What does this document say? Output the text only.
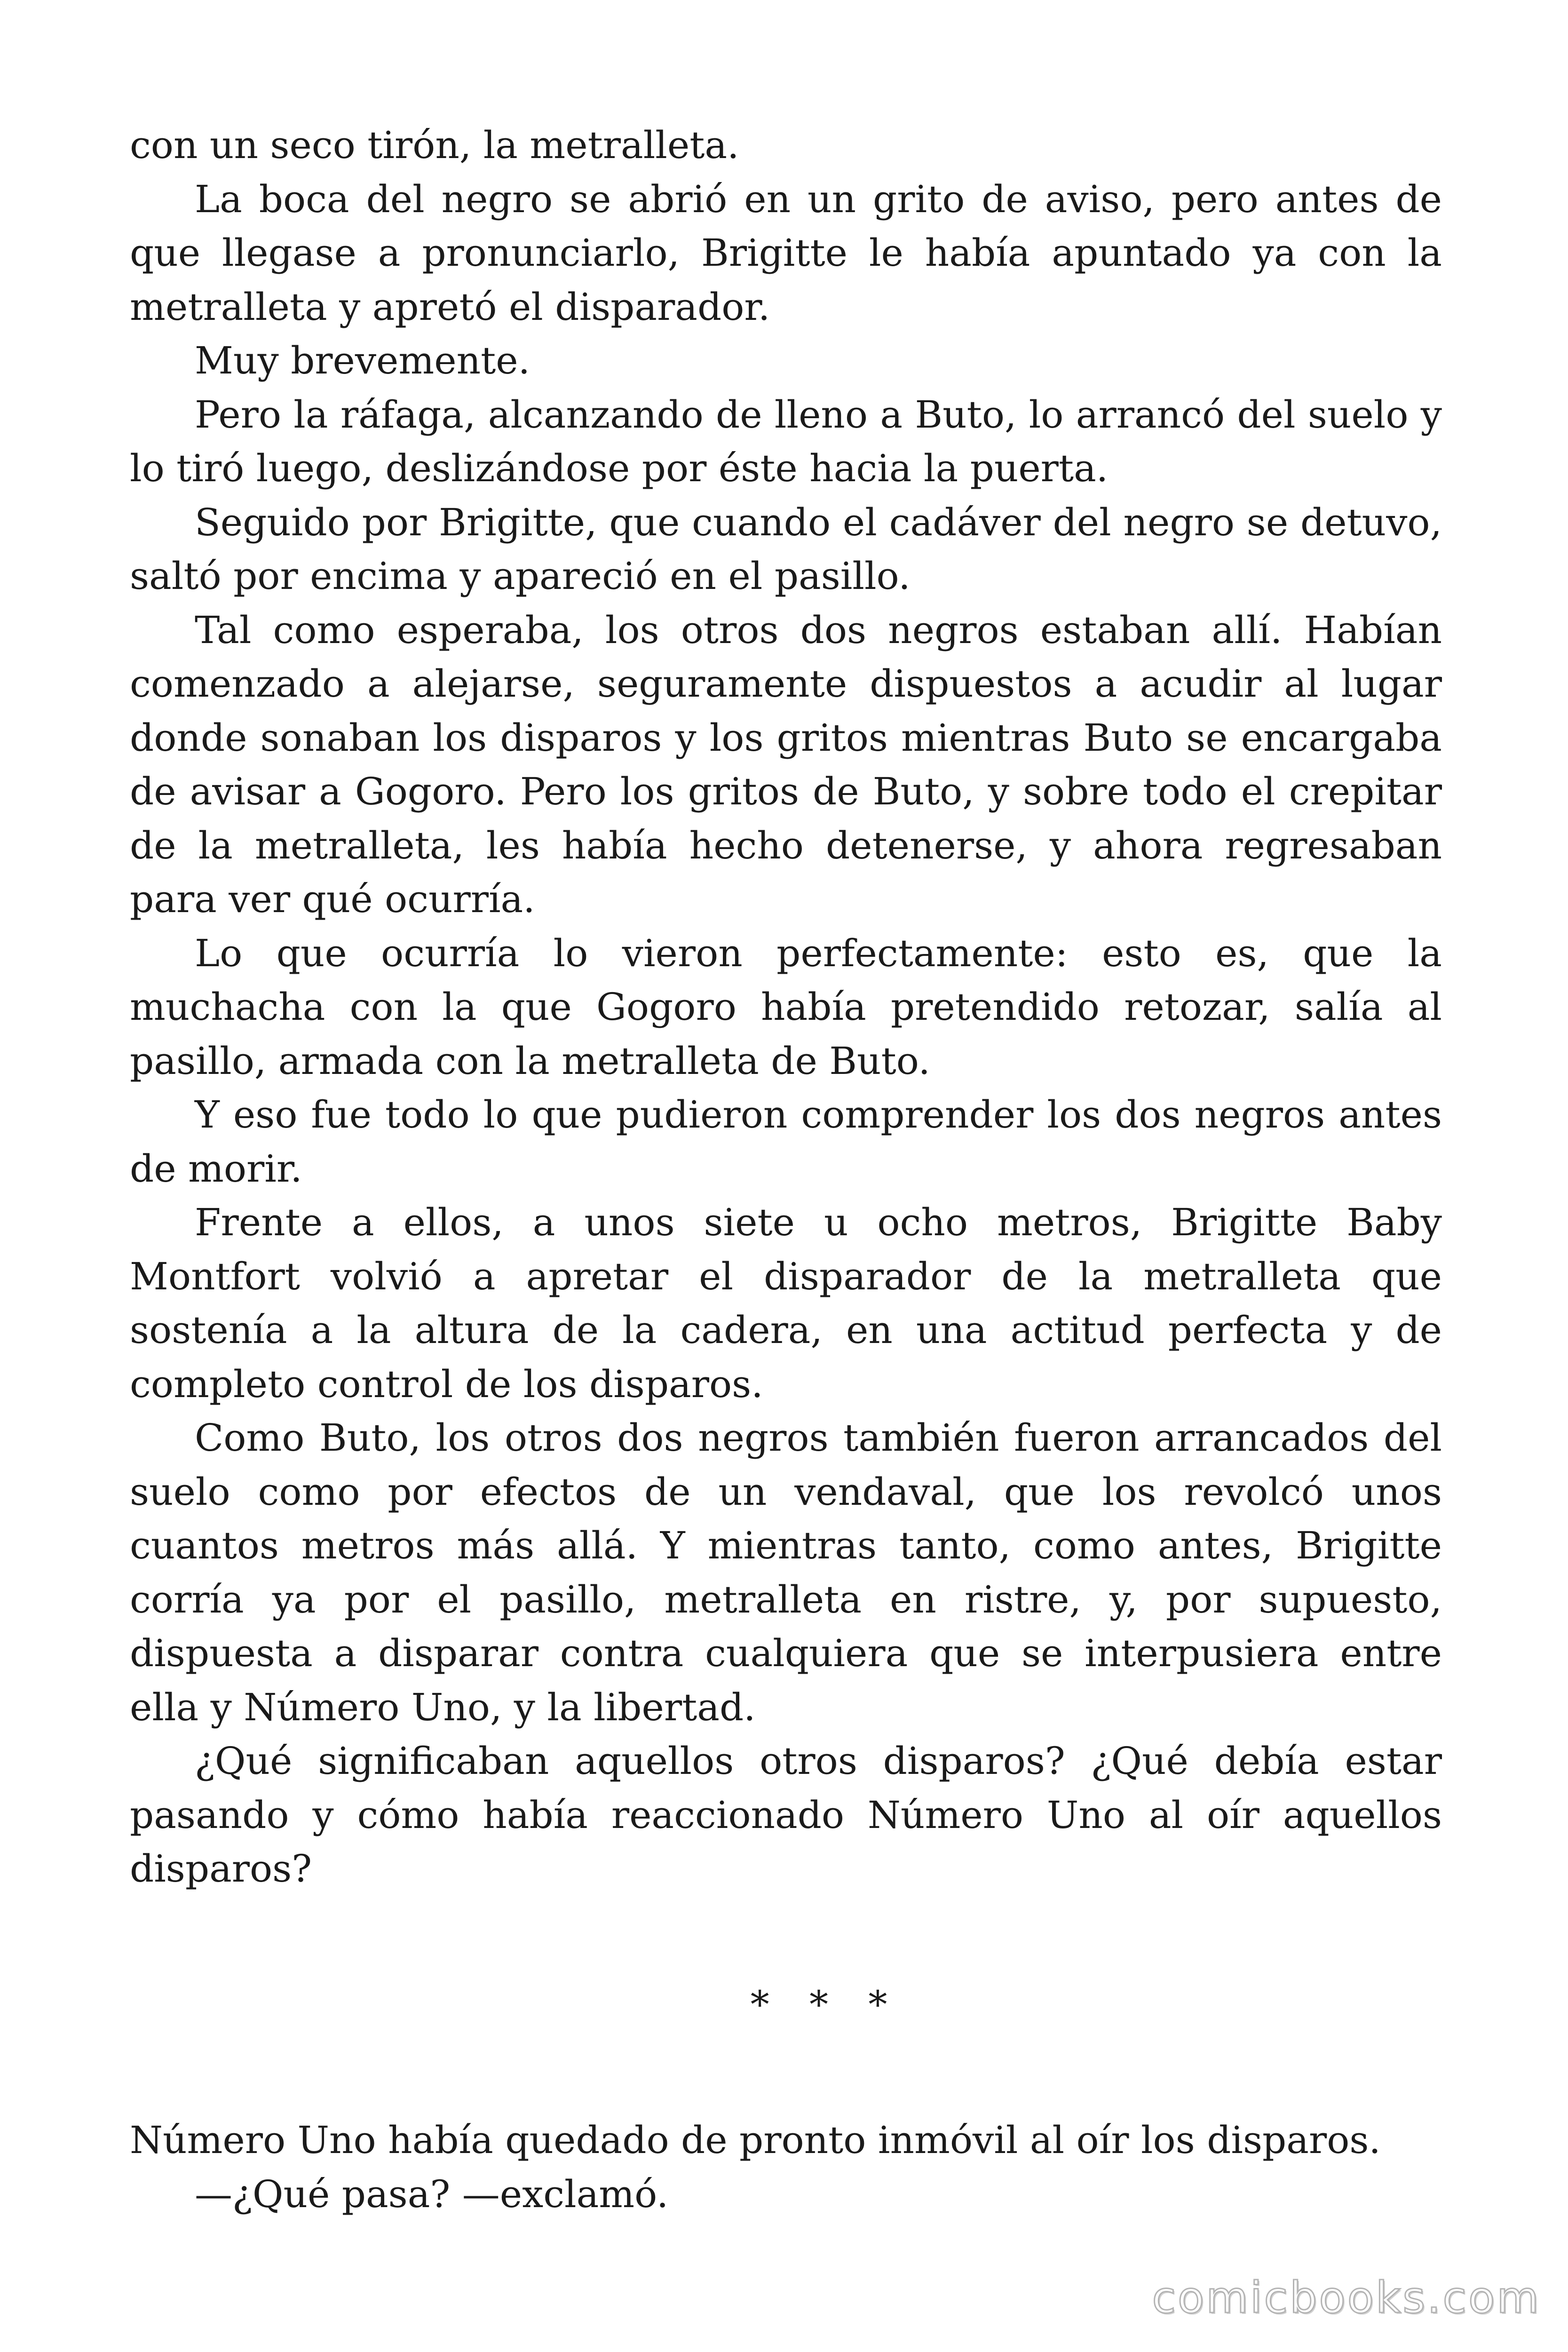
con un seco tirón, la metralleta.

La boca del negro se abrió en un grito de aviso, pero antes de que llegase a pronunciarlo, Brigitte le había apuntado ya con la metralleta y apretó el disparador.

Muy brevemente.

Pero la ráfaga, alcanzando de lleno a Buto, lo arrancó del suelo y lo tiró luego, deslizándose por éste hacia la puerta.

Seguido por Brigitte, que cuando el cadáver del negro se detuvo, saltó por encima y apareció en el pasillo.

Tal como esperaba, los otros dos negros estaban allí. Habían comenzado a alejarse, seguramente dispuestos a acudir al lugar donde sonaban los disparos y los gritos mientras Buto se encargaba de avisar a Gogoro. Pero los gritos de Buto, y sobre todo el crepitar de la metralleta, les había hecho detenerse, y ahora regresaban para ver qué ocurría.

Lo que ocurría lo vieron perfectamente: esto es, que la muchacha con la que Gogoro había pretendido retozar, salía al pasillo, armada con la metralleta de Buto.

Y eso fue todo lo que pudieron comprender los dos negros antes de morir.

Frente a ellos, a unos siete u ocho metros, Brigitte Baby Montfort volvió a apretar el disparador de la metralleta que sostenía a la altura de la cadera, en una actitud perfecta y de completo control de los disparos.

Como Buto, los otros dos negros también fueron arrancados del suelo como por efectos de un vendaval, que los revolcó unos cuantos metros más allá. Y mientras tanto, como antes, Brigitte corría ya por el pasillo, metralleta en ristre, y, por supuesto, dispuesta a disparar contra cualquiera que se interpusiera entre ella y Número Uno, y la libertad.

¿Qué significaban aquellos otros disparos? ¿Qué debía estar pasando y cómo había reaccionado Número Uno al oír aquellos disparos?

* * *

Número Uno había quedado de pronto inmóvil al oír los disparos.

—¿Qué pasa? —exclamó.

comicbooks.com
